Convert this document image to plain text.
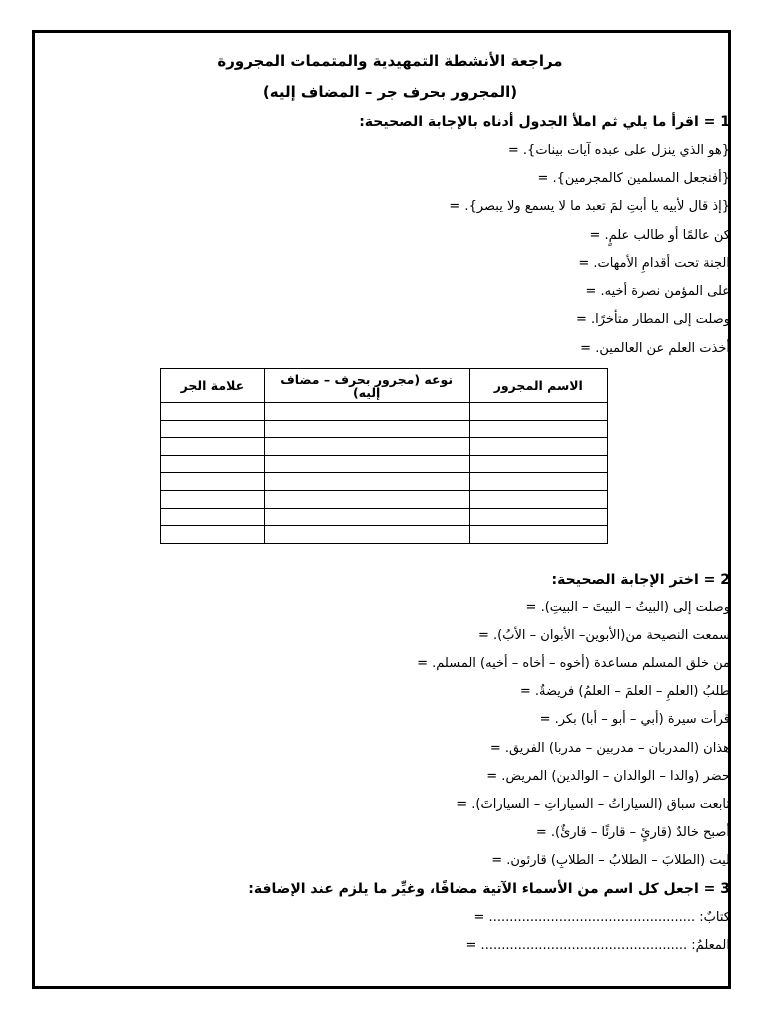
مراجعة الأنشطة التمهيدية والمتممات المجرورة
(المجرور بحرف جر – المضاف إليه)
1 = اقرأ ما يلي ثم املأ الجدول أدناه بالإجابة الصحيحة:
{هو الذي ينزل على عبده آيات بينات}. =
{أفنجعل المسلمين كالمجرمين}. =
{إذ قال لأبيه يا أبتِ لمَ تعبد ما لا يسمع ولا يبصر}. =
كن عالمًا أو طالب علمٍ. =
الجنة تحت أقدامِ الأمهات. =
على المؤمن نصرة أخيه. =
وصلت إلى المطار متأخرًا. =
أخذت العلم عن العالمين. =
الاسم المجرور	نوعه (مجرور بحرف – مضاف إليه)	علامة الجر

2 = اختر الإجابة الصحيحة:
وصلت إلى (البيتُ – البيتَ – البيتِ). =
سمعت النصيحة من(الأبوين– الأبوان – الأبُ). =
من خلق المسلم مساعدة (أخوه – أخاه – أخيه) المسلم. =
طلبُ (العلمِ – العلمَ – العلمُ) فريضةٌ. =
قرأت سيرة (أبي – أبو – أبا) بكر. =
هذان (المدربان – مدربين – مدربا) الفريق. =
حضر (والدا – الوالدان – الوالدين) المريض. =
تابعت سباق (السياراتُ – السياراتِ – السياراتَ). =
أصبح خالدٌ (قارئٍ – قارئًا – قارئٌ). =
ليت (الطلابَ – الطلابُ – الطلابِ) قارئون. =
3 = اجعل كل اسم من الأسماء الآتية مضافًا، وغيِّر ما يلزم عند الإضافة:
كتابٌ: .................................................. =
المعلمُ: .................................................. =
